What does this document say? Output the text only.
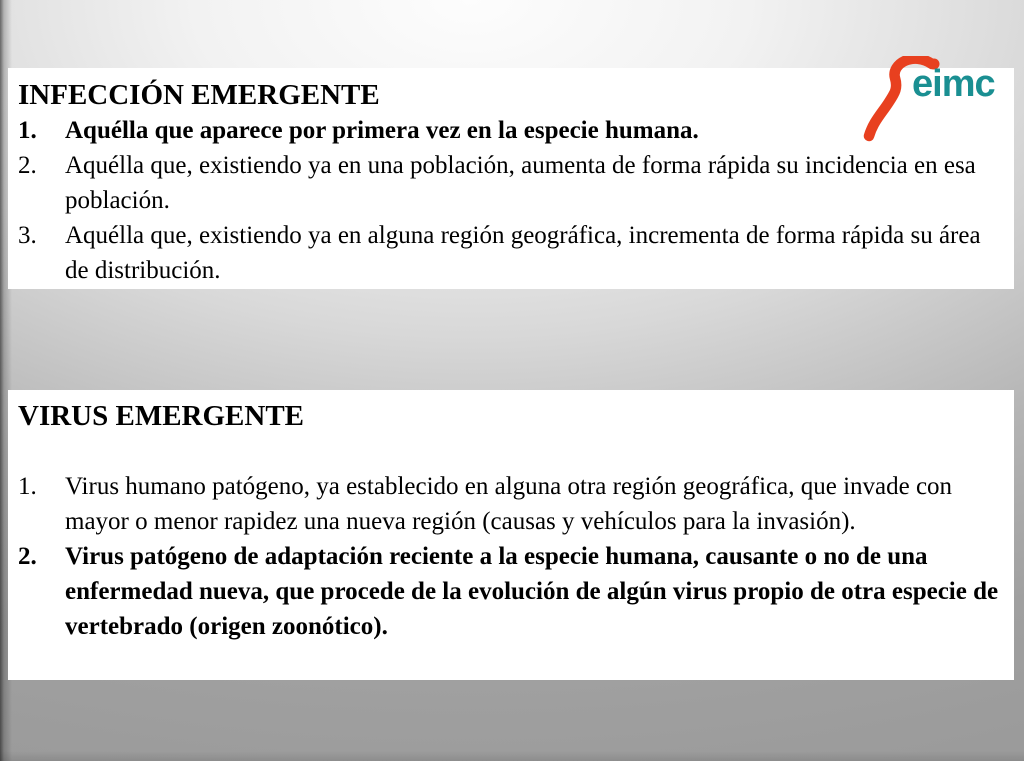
INFECCIÓN EMERGENTE
1.	Aquélla que aparece por primera vez en la especie humana.
2.	Aquélla que, existiendo ya en una población, aumenta de forma rápida su incidencia en esa población.
3.	Aquélla que, existiendo ya en alguna región geográfica, incrementa de forma rápida su área de distribución.
eimc
VIRUS EMERGENTE
1.	Virus humano patógeno, ya establecido en alguna otra región geográfica, que invade con mayor o menor rapidez una nueva región (causas y vehículos para la invasión).
2.	Virus patógeno de adaptación reciente a la especie humana, causante o no de una enfermedad nueva, que procede de la evolución de algún virus propio de otra especie de vertebrado (origen zoonótico).
